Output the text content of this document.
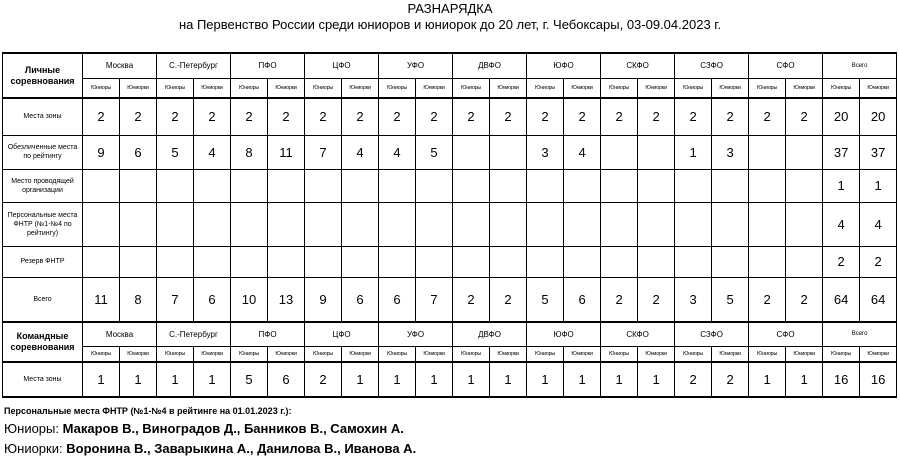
РАЗНАРЯДКА
на Первенство России среди юниоров и юниорок до 20 лет, г. Чебоксары, 03-09.04.2023 г.
Личные соревнования	Москва		С.-Петербург		ПФО		ЦФО		УФО		ДВФО		ЮФО		СКФО		СЗФО		СФО		Всего	
	Юниоры	Юниорки	Юниоры	Юниорки	Юниоры	Юниорки	Юниоры	Юниорки	Юниоры	Юниорки	Юниоры	Юниорки	Юниоры	Юниорки	Юниоры	Юниорки	Юниоры	Юниорки	Юниоры	Юниорки	Юниоры	Юниорки
Места зоны	2	2	2	2	2	2	2	2	2	2	2	2	2	2	2	2	2	2	2	2	20	20
Обезличенные места по рейтингу	9	6	5	4	8	11	7	4	4	5			3	4			1	3			37	37
Место проводящей организации																					1	1
Персональные места ФНТР (№1-№4 по рейтингу)																					4	4
Резерв ФНТР																					2	2
Всего	11	8	7	6	10	13	9	6	6	7	2	2	5	6	2	2	3	5	2	2	64	64
Командные соревнования	Москва		С.-Петербург		ПФО		ЦФО		УФО		ДВФО		ЮФО		СКФО		СЗФО		СФО		Всего	
	Юниоры	Юниорки	Юниоры	Юниорки	Юниоры	Юниорки	Юниоры	Юниорки	Юниоры	Юниорки	Юниоры	Юниорки	Юниоры	Юниорки	Юниоры	Юниорки	Юниоры	Юниорки	Юниоры	Юниорки	Юниоры	Юниорки
Места зоны	1	1	1	1	5	6	2	1	1	1	1	1	1	1	1	1	2	2	1	1	16	16
Персональные места ФНТР (№1-№4 в рейтинге на 01.01.2023 г.):
Юниоры: Макаров В., Виноградов Д., Банников В., Самохин А.
Юниорки: Воронина В., Заварыкина А., Данилова В., Иванова А.
